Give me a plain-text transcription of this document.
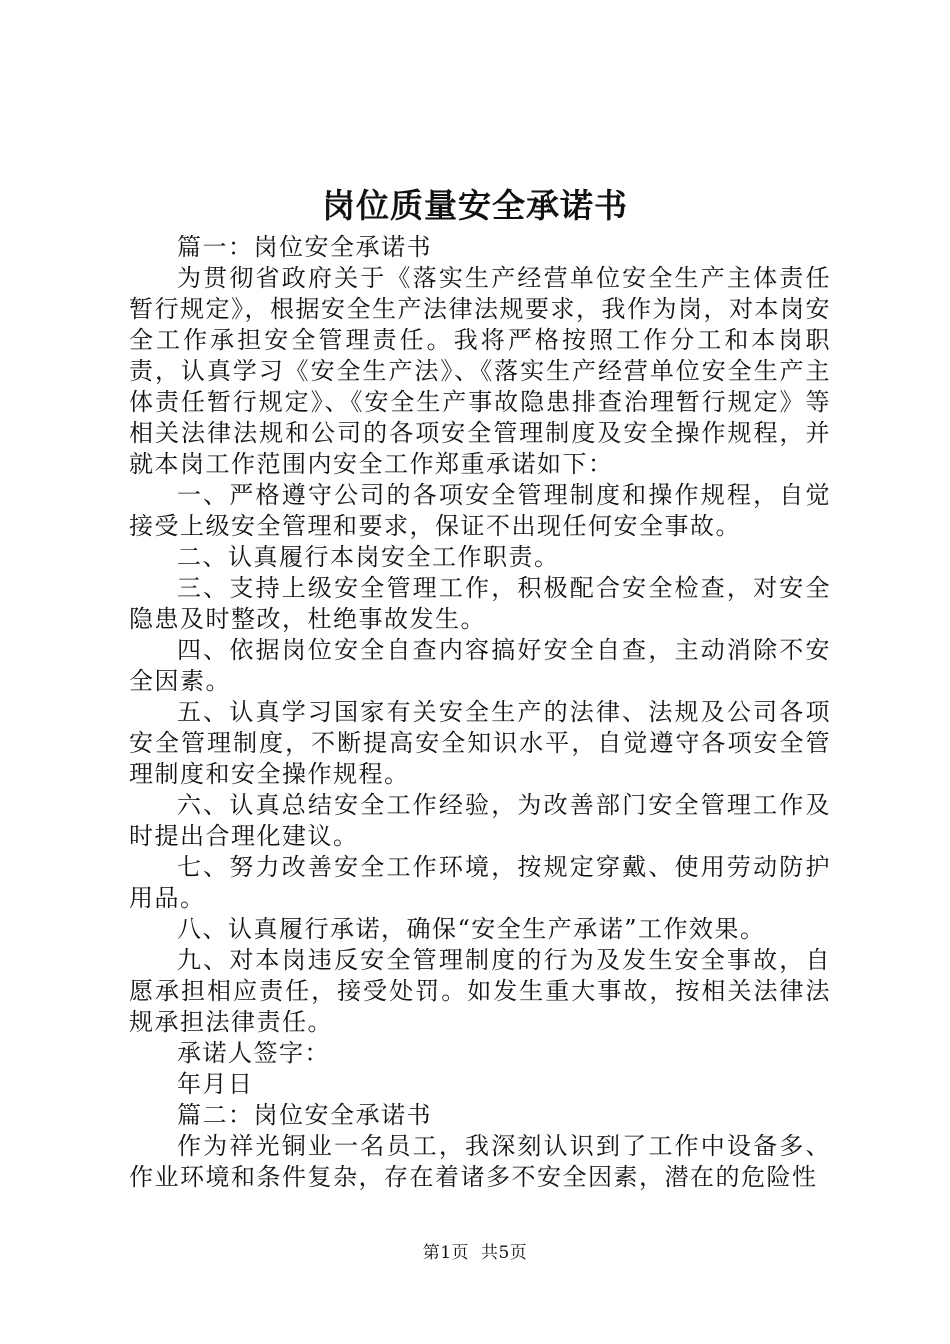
岗位质量安全承诺书

篇一：岗位安全承诺书

为贯彻省政府关于《落实生产经营单位安全生产主体责任暂行规定》，根据安全生产法律法规要求，我作为岗，对本岗安全工作承担安全管理责任。我将严格按照工作分工和本岗职责，认真学习《安全生产法》、《落实生产经营单位安全生产主体责任暂行规定》、《安全生产事故隐患排查治理暂行规定》等相关法律法规和公司的各项安全管理制度及安全操作规程，并就本岗工作范围内安全工作郑重承诺如下：

一、严格遵守公司的各项安全管理制度和操作规程，自觉接受上级安全管理和要求，保证不出现任何安全事故。

二、认真履行本岗安全工作职责。

三、支持上级安全管理工作，积极配合安全检查，对安全隐患及时整改，杜绝事故发生。

四、依据岗位安全自查内容搞好安全自查，主动消除不安全因素。

五、认真学习国家有关安全生产的法律、法规及公司各项安全管理制度，不断提高安全知识水平，自觉遵守各项安全管理制度和安全操作规程。

六、认真总结安全工作经验，为改善部门安全管理工作及时提出合理化建议。

七、努力改善安全工作环境，按规定穿戴、使用劳动防护用品。

八、认真履行承诺，确保“安全生产承诺”工作效果。

九、对本岗违反安全管理制度的行为及发生安全事故，自愿承担相应责任，接受处罚。如发生重大事故，按相关法律法规承担法律责任。

承诺人签字：

年月日

篇二：岗位安全承诺书

作为祥光铜业一名员工，我深刻认识到了工作中设备多、作业环境和条件复杂，存在着诸多不安全因素，潜在的危险性

第1页 共5页
